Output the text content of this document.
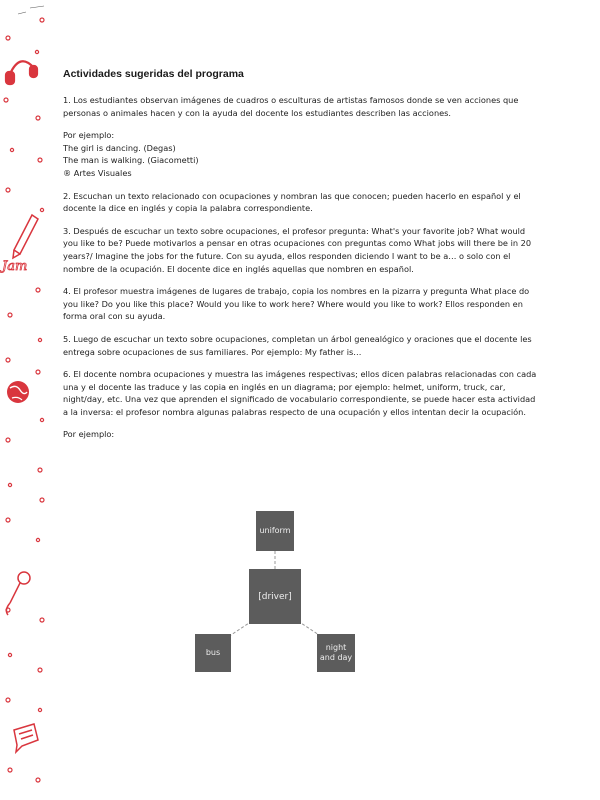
Jam
Actividades sugeridas del programa

1. Los estudiantes observan imágenes de cuadros o esculturas de artistas famosos donde se ven acciones que personas o animales hacen y con la ayuda del docente los estudiantes describen las acciones.

Por ejemplo:
The girl is dancing. (Degas)
The man is walking. (Giacometti)
® Artes Visuales

2. Escuchan un texto relacionado con ocupaciones y nombran las que conocen; pueden hacerlo en español y el docente la dice en inglés y copia la palabra correspondiente.

3. Después de escuchar un texto sobre ocupaciones, el profesor pregunta: What's your favorite job? What would you like to be? Puede motivarlos a pensar en otras ocupaciones con preguntas como What jobs will there be in 20 years?/ Imagine the jobs for the future. Con su ayuda, ellos responden diciendo I want to be a… o solo con el nombre de la ocupación. El docente dice en inglés aquellas que nombren en español.

4. El profesor muestra imágenes de lugares de trabajo, copia los nombres en la pizarra y pregunta What place do you like? Do you like this place? Would you like to work here? Where would you like to work? Ellos responden en forma oral con su ayuda.

5. Luego de escuchar un texto sobre ocupaciones, completan un árbol genealógico y oraciones que el docente les entrega sobre ocupaciones de sus familiares. Por ejemplo: My father is…

6. El docente nombra ocupaciones y muestra las imágenes respectivas; ellos dicen palabras relacionadas con cada una y el docente las traduce y las copia en inglés en un diagrama; por ejemplo: helmet, uniform, truck, car, night/day, etc. Una vez que aprenden el significado de vocabulario correspondiente, se puede hacer esta actividad a la inversa: el profesor nombra algunas palabras respecto de una ocupación y ellos intentan decir la ocupación.

Por ejemplo:

uniform
[driver]
bus
night and day
